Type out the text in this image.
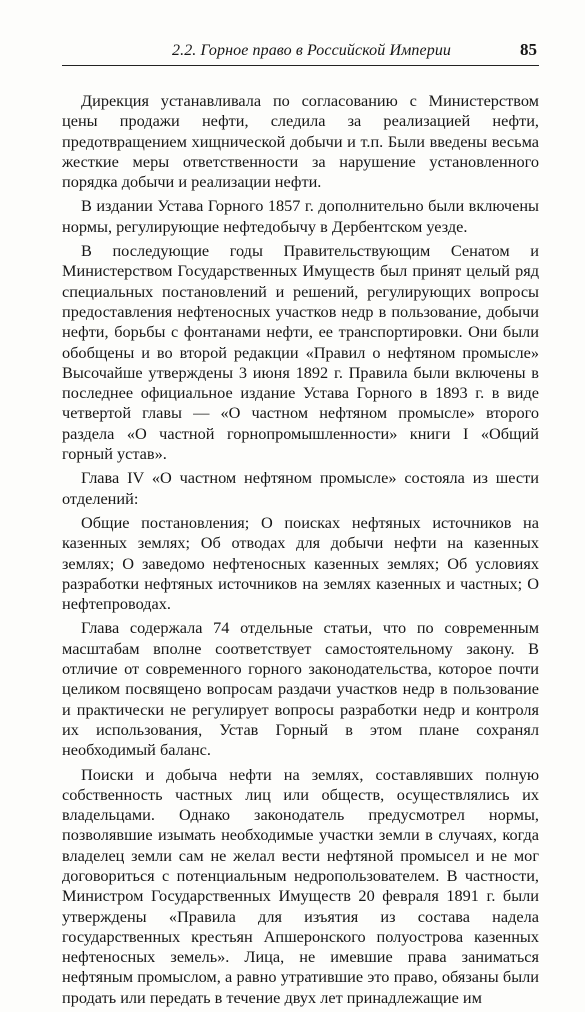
2.2. Горное право в Российской Империи	85

Дирекция устанавливала по согласованию с Министерством цены продажи нефти, следила за реализацией нефти, предотвращением хищнической добычи и т.п. Были введены весьма жесткие меры ответственности за нарушение установленного порядка добычи и реализации нефти.

В издании Устава Горного 1857 г. дополнительно были включены нормы, регулирующие нефтедобычу в Дербентском уезде.

В последующие годы Правительствующим Сенатом и Министерством Государственных Имуществ был принят целый ряд специальных постановлений и решений, регулирующих вопросы предоставления нефтеносных участков недр в пользование, добычи нефти, борьбы с фонтанами нефти, ее транспортировки. Они были обобщены и во второй редакции «Правил о нефтяном промысле» Высочайше утверждены 3 июня 1892 г. Правила были включены в последнее официальное издание Устава Горного в 1893 г. в виде четвертой главы — «О частном нефтяном промысле» второго раздела «О частной горнопромышленности» книги I «Общий горный устав».

Глава IV «О частном нефтяном промысле» состояла из шести отделений:

Общие постановления; О поисках нефтяных источников на казенных землях; Об отводах для добычи нефти на казенных землях; О заведомо нефтеносных казенных землях; Об условиях разработки нефтяных источников на землях казенных и частных; О нефтепроводах.

Глава содержала 74 отдельные статьи, что по современным масштабам вполне соответствует самостоятельному закону. В отличие от современного горного законодательства, которое почти целиком посвящено вопросам раздачи участков недр в пользование и практически не регулирует вопросы разработки недр и контроля их использования, Устав Горный в этом плане сохранял необходимый баланс.

Поиски и добыча нефти на землях, составлявших полную собственность частных лиц или обществ, осуществлялись их владельцами. Однако законодатель предусмотрел нормы, позволявшие изымать необходимые участки земли в случаях, когда владелец земли сам не желал вести нефтяной промысел и не мог договориться с потенциальным недропользователем. В частности, Министром Государственных Имуществ 20 февраля 1891 г. были утверждены «Правила для изъятия из состава надела государственных крестьян Апшеронского полуострова казенных нефтеносных земель». Лица, не имевшие права заниматься нефтяным промыслом, а равно утратившие это право, обязаны были продать или передать в течение двух лет принадлежащие им
